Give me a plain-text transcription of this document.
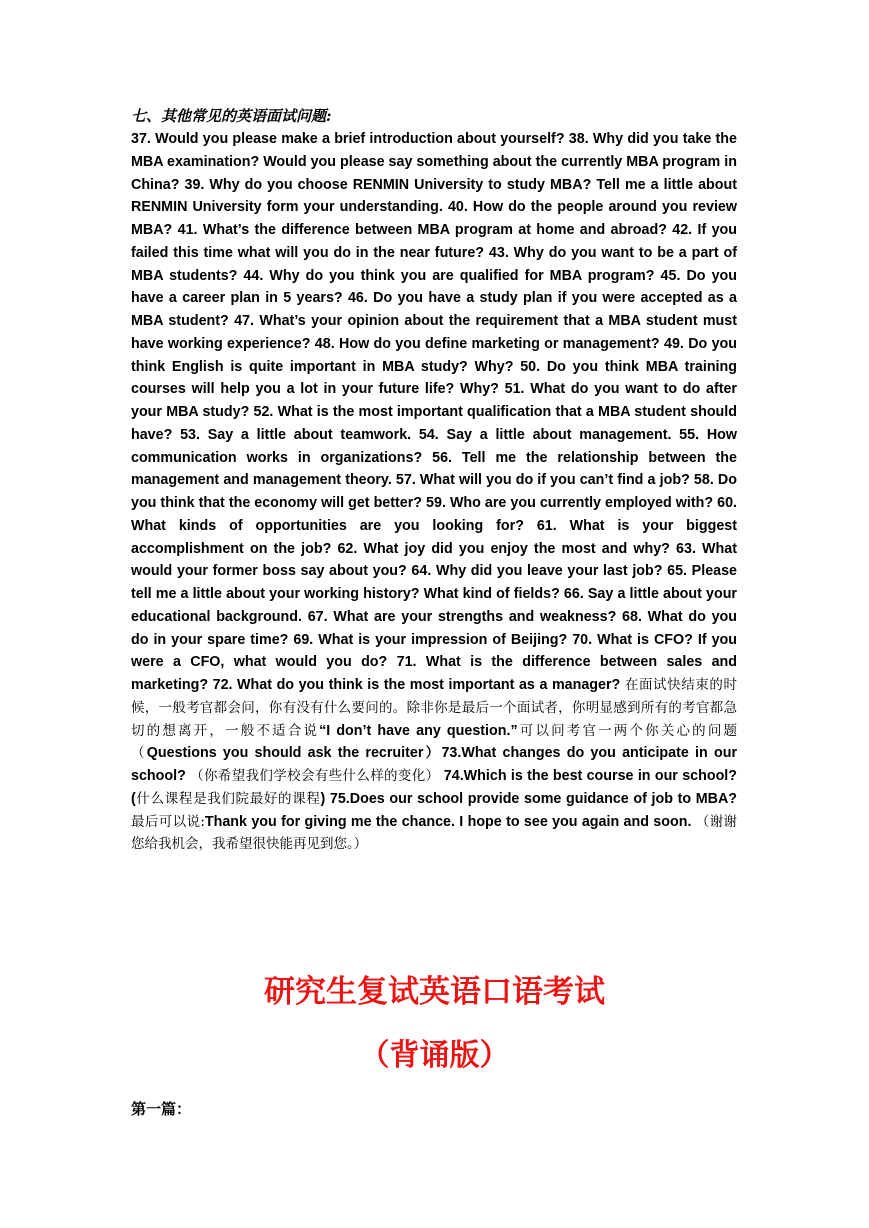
七、其他常见的英语面试问题:

37. Would you please make a brief introduction about yourself? 38. Why did you take the MBA examination? Would you please say something about the currently MBA program in China? 39. Why do you choose RENMIN University to study MBA? Tell me a little about RENMIN University form your understanding. 40. How do the people around you review MBA? 41. What’s the difference between MBA program at home and abroad? 42. If you failed this time what will you do in the near future? 43. Why do you want to be a part of MBA students? 44. Why do you think you are qualified for MBA program? 45. Do you have a career plan in 5 years? 46. Do you have a study plan if you were accepted as a MBA student? 47. What’s your opinion about the requirement that a MBA student must have working experience? 48. How do you define marketing or management? 49. Do you think English is quite important in MBA study? Why? 50. Do you think MBA training courses will help you a lot in your future life? Why? 51. What do you want to do after your MBA study? 52. What is the most important qualification that a MBA student should have? 53. Say a little about teamwork. 54. Say a little about management. 55. How communication works in organizations? 56. Tell me the relationship between the management and management theory. 57. What will you do if you can’t find a job? 58. Do you think that the economy will get better? 59. Who are you currently employed with? 60. What kinds of opportunities are you looking for? 61. What is your biggest accomplishment on the job? 62. What joy did you enjoy the most and why? 63. What would your former boss say about you? 64. Why did you leave your last job? 65. Please tell me a little about your working history? What kind of fields? 66. Say a little about your educational background. 67. What are your strengths and weakness? 68. What do you do in your spare time? 69. What is your impression of Beijing? 70. What is CFO? If you were a CFO, what would you do? 71. What is the difference between sales and marketing? 72. What do you think is the most important as a manager? 在面试快结束的时候，一般考官都会问，你有没有什么要问的。除非你是最后一个面试者，你明显感到所有的考官都急切的想离开，一般不适合说“I don’t have any question.”可以问考官一两个你关心的问题（Questions you should ask the recruiter）73.What changes do you anticipate in our school? （你希望我们学校会有些什么样的变化） 74.Which is the best course in our school? (什么课程是我们院最好的课程) 75.Does our school provide some guidance of job to MBA? 最后可以说:Thank you for giving me the chance. I hope to see you again and soon. （谢谢您给我机会，我希望很快能再见到您。）

研究生复试英语口语考试

（背诵版）

第一篇：
